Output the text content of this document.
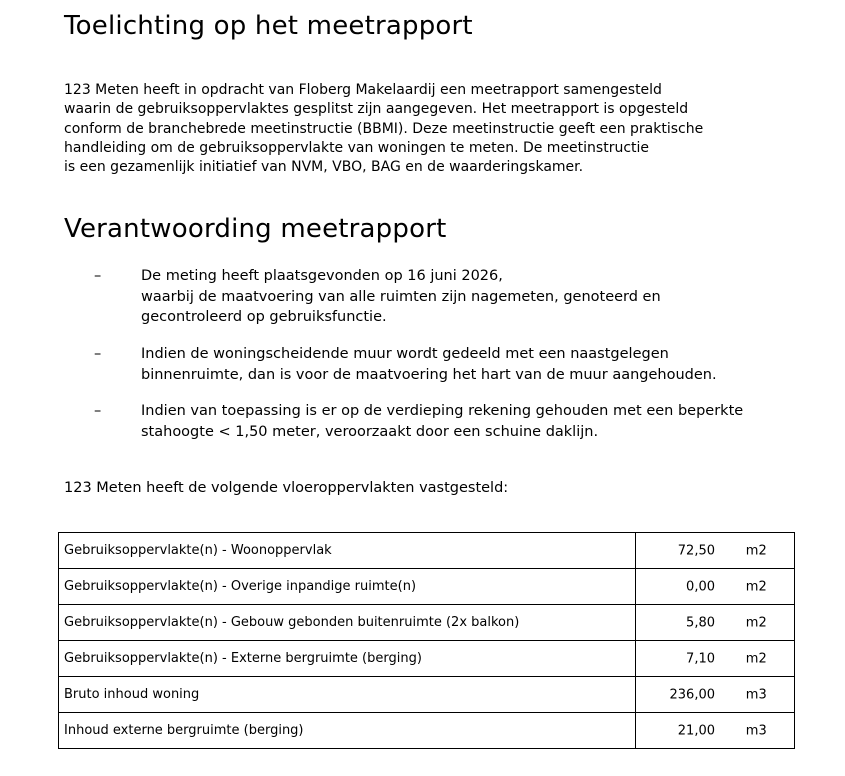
Toelichting op het meetrapport
123 Meten heeft in opdracht van Floberg Makelaardij een meetrapport samengesteld
waarin de gebruiksoppervlaktes gesplitst zijn aangegeven. Het meetrapport is opgesteld
conform de branchebrede meetinstructie (BBMI). Deze meetinstructie geeft een praktische
handleiding om de gebruiksoppervlakte van woningen te meten. De meetinstructie
is een gezamenlijk initiatief van NVM, VBO, BAG en de waarderingskamer.
Verantwoording meetrapport
–	De meting heeft plaatsgevonden op 16 juni 2026,
waarbij de maatvoering van alle ruimten zijn nagemeten, genoteerd en
gecontroleerd op gebruiksfunctie.
–	Indien de woningscheidende muur wordt gedeeld met een naastgelegen
binnenruimte, dan is voor de maatvoering het hart van de muur aangehouden.
–	Indien van toepassing is er op de verdieping rekening gehouden met een beperkte
stahoogte < 1,50 meter, veroorzaakt door een schuine daklijn.
123 Meten heeft de volgende vloeroppervlakten vastgesteld:
Gebruiksoppervlakte(n) - Woonoppervlak	72,50 m2

Gebruiksoppervlakte(n) - Overige inpandige ruimte(n)	0,00 m2

Gebruiksoppervlakte(n) - Gebouw gebonden buitenruimte (2x balkon)	5,80 m2

Gebruiksoppervlakte(n) - Externe bergruimte (berging)	7,10 m2

Bruto inhoud woning	236,00 m3

Inhoud externe bergruimte (berging)	21,00 m3
